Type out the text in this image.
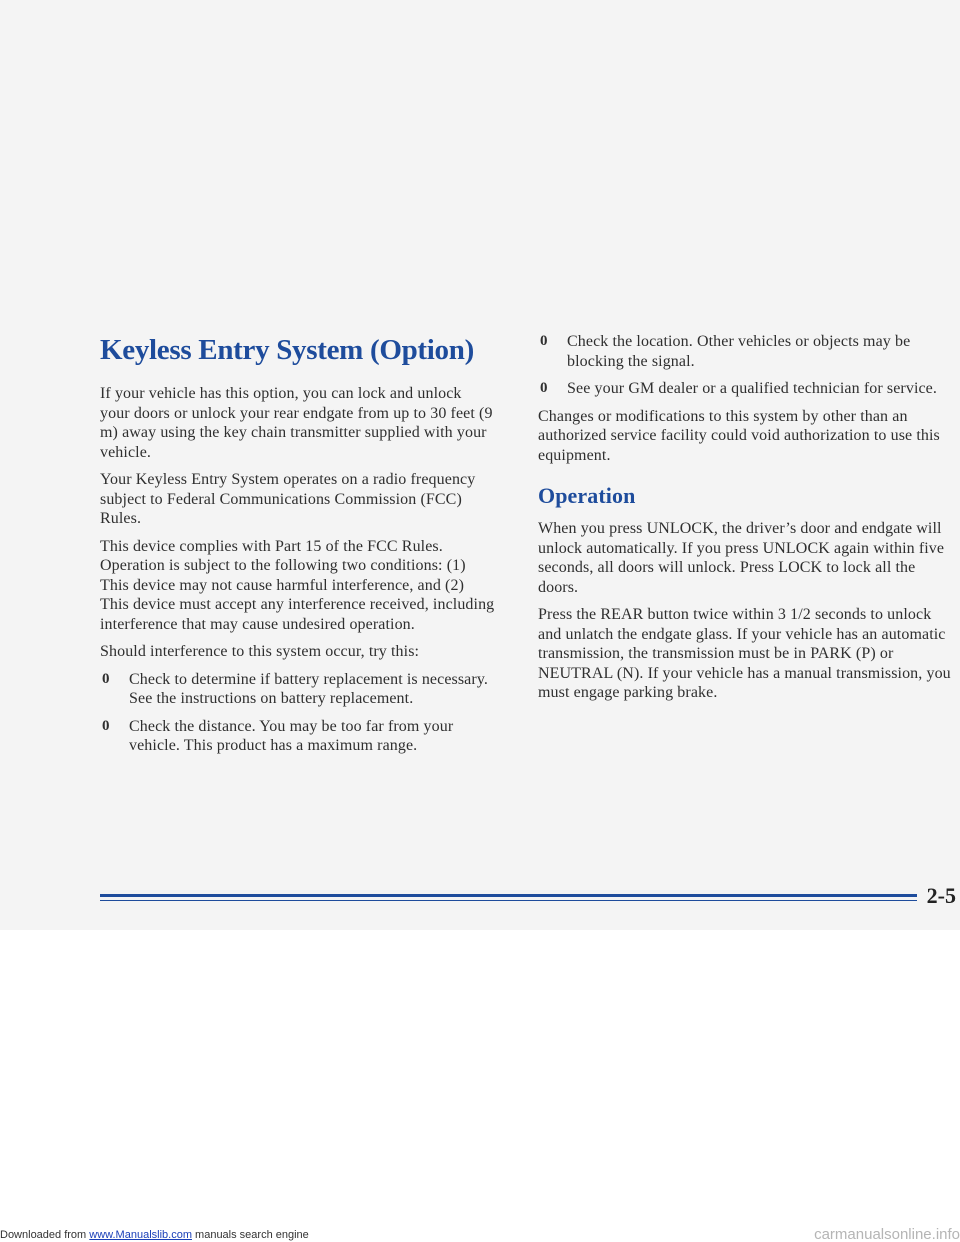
Keyless Entry System (Option)

If your vehicle has this option, you can lock and unlock your doors or unlock your rear endgate from up to 30 feet (9 m) away using the key chain transmitter supplied with your vehicle.

Your Keyless Entry System operates on a radio frequency subject to Federal Communications Commission (FCC) Rules.

This device complies with Part 15 of the FCC Rules. Operation is subject to the following two conditions: (1) This device may not cause harmful interference, and (2) This device must accept any interference received, including interference that may cause undesired operation.

Should interference to this system occur, try this:

0 Check to determine if battery replacement is necessary. See the instructions on battery replacement.
0 Check the distance. You may be too far from your vehicle. This product has a maximum range.
0 Check the location. Other vehicles or objects may be blocking the signal.
0 See your GM dealer or a qualified technician for service.

Changes or modifications to this system by other than an authorized service facility could void authorization to use this equipment.

Operation

When you press UNLOCK, the driver’s door and endgate will unlock automatically. If you press UNLOCK again within five seconds, all doors will unlock. Press LOCK to lock all the doors.

Press the REAR button twice within 3 1/2 seconds to unlock and unlatch the endgate glass. If your vehicle has an automatic transmission, the transmission must be in PARK (P) or NEUTRAL (N). If your vehicle has a manual transmission, you must engage parking brake.

2-5
Downloaded from www.Manualslib.com manuals search engine	carmanualsonline.info
